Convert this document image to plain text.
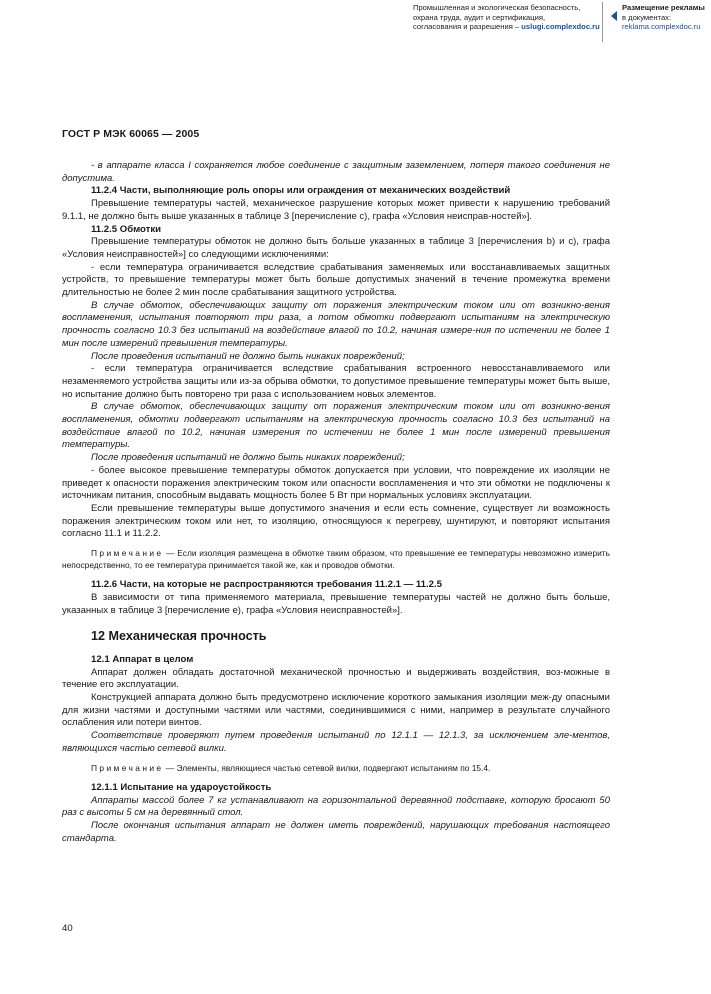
Промышленная и экологическая безопасность,
охрана труда, аудит и сертификация,
согласования и разрешения – uslugi.complexdoc.ru
Размещение рекламы
в документах:
reklama.complexdoc.ru
ГОСТ Р МЭК 60065 — 2005

- в аппарате класса I сохраняется любое соединение с защитным заземлением, потеря такого соединения не допустима.

11.2.4 Части, выполняющие роль опоры или ограждения от механических воздействий

Превышение температуры частей, механическое разрушение которых может привести к нарушению требований 9.1.1, не должно быть выше указанных в таблице 3 [перечисление с), графа «Условия неисправ-ностей»].

11.2.5 Обмотки

Превышение температуры обмоток не должно быть больше указанных в таблице 3 [перечисления b) и с), графа «Условия неисправностей»] со следующими исключениями:

- если температура ограничивается вследствие срабатывания заменяемых или восстанавливаемых защитных устройств, то превышение температуры может быть больше допустимых значений в течение промежутка времени длительностью не более 2 мин после срабатывания защитного устройства.

В случае обмоток, обеспечивающих защиту от поражения электрическим током или от возникно-вения воспламенения, испытания повторяют три раза, а потом обмотки подвергают испытаниям на электрическую прочность согласно 10.3 без испытаний на воздействие влагой по 10.2, начиная измере-ния по истечении не более 1 мин после измерений превышения температуры.

После проведения испытаний не должно быть никаких повреждений;

- если температура ограничивается вследствие срабатывания встроенного невосстанавливаемого или незаменяемого устройства защиты или из-за обрыва обмотки, то допустимое превышение температуры может быть выше, но испытание должно быть повторено три раза с использованием новых элементов.

В случае обмоток, обеспечивающих защиту от поражения электрическим током или от возникно-вения воспламенения, обмотки подвергают испытаниям на электрическую прочность согласно 10.3 без испытаний на воздействие влагой по 10.2, начиная измерения по истечении не более 1 мин после измерений превышения температуры.

После проведения испытаний не должно быть никаких повреждений;

- более высокое превышение температуры обмоток допускается при условии, что повреждение их изоляции не приведет к опасности поражения электрическим током или опасности воспламенения и что эти обмотки не подключены к источникам питания, способным выдавать мощность более 5 Вт при нормальных условиях эксплуатации.

Если превышение температуры выше допустимого значения и если есть сомнение, существует ли возможность поражения электрическим током или нет, то изоляцию, относящуюся к перегреву, шунтируют, и повторяют испытания согласно 11.1 и 11.2.2.

Примечание — Если изоляция размещена в обмотке таким образом, что превышение ее температуры невозможно измерить непосредственно, то ее температура принимается такой же, как и проводов обмотки.

11.2.6 Части, на которые не распространяются требования 11.2.1 — 11.2.5

В зависимости от типа применяемого материала, превышение температуры частей не должно быть больше, указанных в таблице 3 [перечисление е), графа «Условия неисправностей»].

12 Механическая прочность

12.1 Аппарат в целом

Аппарат должен обладать достаточной механической прочностью и выдерживать воздействия, воз-можные в течение его эксплуатации.

Конструкцией аппарата должно быть предусмотрено исключение короткого замыкания изоляции меж-ду опасными для жизни частями и доступными частями или частями, соединившимися с ними, например в результате случайного ослабления или потери винтов.

Соответствие проверяют путем проведения испытаний по 12.1.1 — 12.1.3, за исключением эле-ментов, являющихся частью сетевой вилки.

Примечание — Элементы, являющиеся частью сетевой вилки, подвергают испытаниям по 15.4.

12.1.1 Испытание на удароустойкость

Аппараты массой более 7 кг устанавливают на горизонтальной деревянной подставке, которую бросают 50 раз с высоты 5 см на деревянный стол.

После окончания испытания аппарат не должен иметь повреждений, нарушающих требования настоящего стандарта.

40
